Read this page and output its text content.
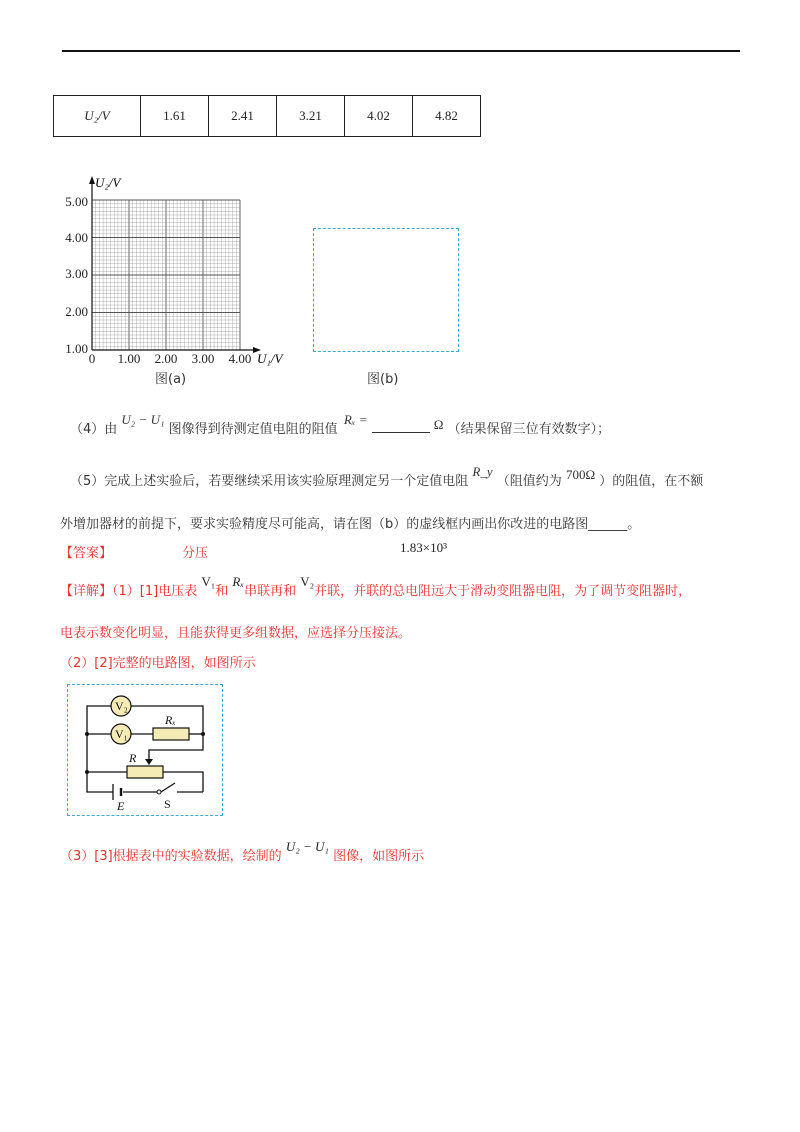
U₂/V	1.61	2.41	3.21	4.02	4.82
U₂/V
U₁/V
5.00
4.00
3.00
2.00
1.00
0 1.00 2.00 3.00 4.00
图(a)	图(b)
（4）由 U₂ − U₁ 图像得到待测定值电阻的阻值 Rₓ =	Ω （结果保留三位有效数字）；
（5）完成上述实验后，若要继续采用该实验原理测定另一个定值电阻 R_y （阻值约为 700Ω ）的阻值，在不额
外增加器材的前提下，要求实验精度尽可能高，请在图（b）的虚线框内画出你改进的电路图______。
【答案】	分压	1.83×10³
【详解】（1）[1]电压表 V₁和 Rₓ串联再和 V₂并联，并联的总电阻远大于滑动变阻器电阻，为了调节变阻器时，
电表示数变化明显，且能获得更多组数据，应选择分压接法。
（2）[2]完整的电路图，如图所示
V₂
V₁
Rₓ
R
E	S
（3）[3]根据表中的实验数据，绘制的 U₂ − U₁ 图像，如图所示
